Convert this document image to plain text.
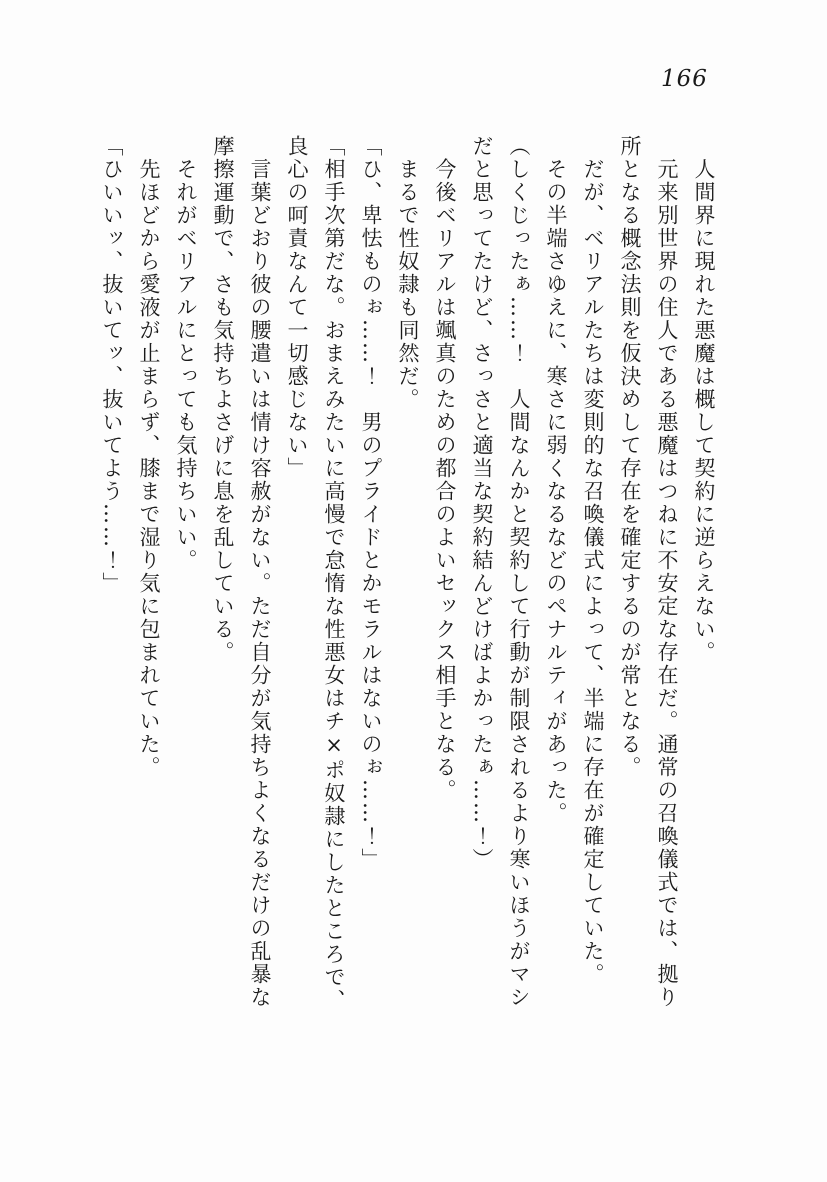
166
人間界に現れた悪魔は概して契約に逆らえない。
元来別世界の住人である悪魔はつねに不安定な存在だ。通常の召喚儀式では、拠り
所となる概念法則を仮決めして存在を確定するのが常となる。
だが、ベリアルたちは変則的な召喚儀式によって、半端に存在が確定していた。
その半端さゆえに、寒さに弱くなるなどのペナルティがあった。
（しくじったぁ……！　人間なんかと契約して行動が制限されるより寒いほうがマシ
だと思ってたけど、さっさと適当な契約結んどけばよかったぁ……！）
今後ベリアルは颯真のための都合のよいセックス相手となる。
まるで性奴隷も同然だ。
「ひ、卑怯ものぉ……！　男のプライドとかモラルはないのぉ……！」
「相手次第だな。おまえみたいに高慢で怠惰な性悪女はチ×ポ奴隷にしたところで、
良心の呵責なんて一切感じない」
言葉どおり彼の腰遣いは情け容赦がない。ただ自分が気持ちよくなるだけの乱暴な
摩擦運動で、さも気持ちよさげに息を乱している。
それがベリアルにとっても気持ちいい。
先ほどから愛液が止まらず、膝まで湿り気に包まれていた。
「ひいいッ、抜いてッ、抜いてよう……！」
